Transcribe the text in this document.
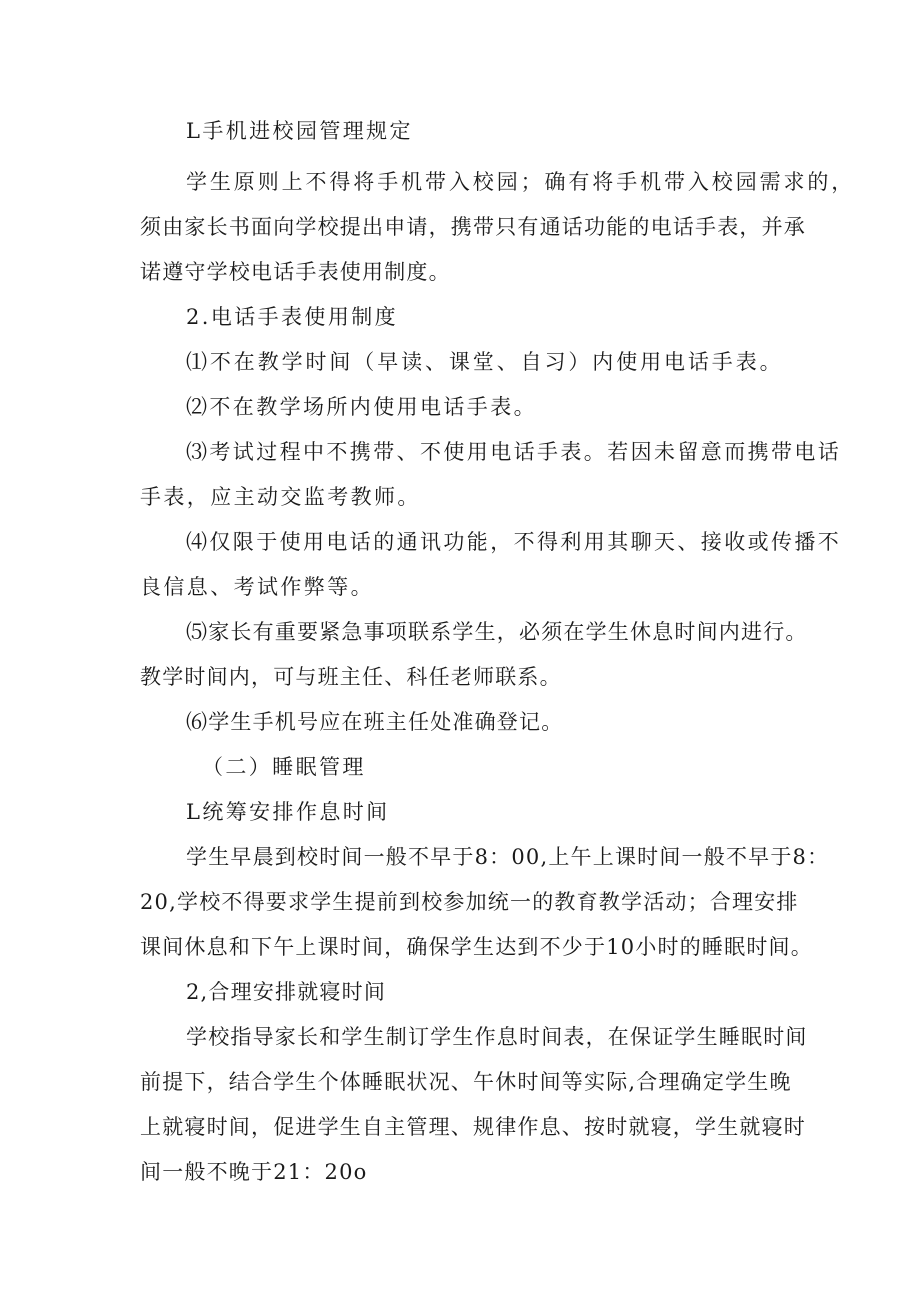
L手机进校园管理规定
学生原则上不得将手机带入校园；确有将手机带入校园需求的，
须由家长书面向学校提出申请，携带只有通话功能的电话手表，并承
诺遵守学校电话手表使用制度。
2.电话手表使用制度
⑴不在教学时间（早读、课堂、自习）内使用电话手表。
⑵不在教学场所内使用电话手表。
⑶考试过程中不携带、不使用电话手表。若因未留意而携带电话
手表，应主动交监考教师。
⑷仅限于使用电话的通讯功能，不得利用其聊天、接收或传播不
良信息、考试作弊等。
⑸家长有重要紧急事项联系学生，必须在学生休息时间内进行。
教学时间内，可与班主任、科任老师联系。
⑹学生手机号应在班主任处准确登记。
（二）睡眠管理
L统筹安排作息时间
学生早晨到校时间一般不早于8：00,上午上课时间一般不早于8：
20,学校不得要求学生提前到校参加统一的教育教学活动；合理安排
课间休息和下午上课时间，确保学生达到不少于10小时的睡眠时间。
2,合理安排就寝时间
学校指导家长和学生制订学生作息时间表，在保证学生睡眠时间
前提下，结合学生个体睡眠状况、午休时间等实际,合理确定学生晚
上就寝时间，促进学生自主管理、规律作息、按时就寝，学生就寝时
间一般不晚于21：20o
